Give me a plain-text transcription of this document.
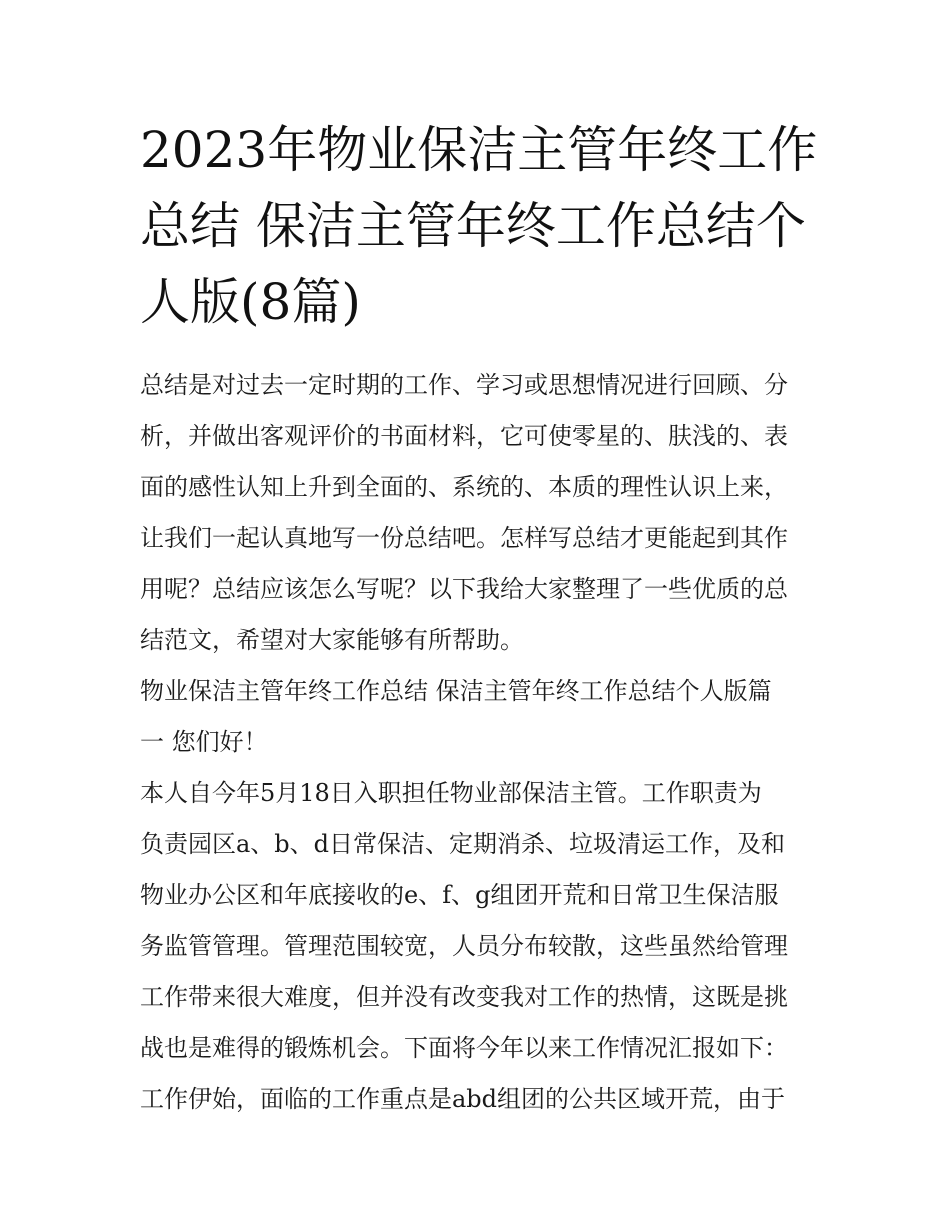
2023年物业保洁主管年终工作
总结 保洁主管年终工作总结个
人版(8篇)
总结是对过去一定时期的工作、学习或思想情况进行回顾、分
析，并做出客观评价的书面材料，它可使零星的、肤浅的、表
面的感性认知上升到全面的、系统的、本质的理性认识上来，
让我们一起认真地写一份总结吧。怎样写总结才更能起到其作
用呢？总结应该怎么写呢？以下我给大家整理了一些优质的总
结范文，希望对大家能够有所帮助。
物业保洁主管年终工作总结 保洁主管年终工作总结个人版篇
一 您们好！
本人自今年5月18日入职担任物业部保洁主管。工作职责为
负责园区a、b、d日常保洁、定期消杀、垃圾清运工作，及和
物业办公区和年底接收的e、f、g组团开荒和日常卫生保洁服
务监管管理。管理范围较宽，人员分布较散，这些虽然给管理
工作带来很大难度，但并没有改变我对工作的热情，这既是挑
战也是难得的锻炼机会。下面将今年以来工作情况汇报如下：
工作伊始，面临的工作重点是abd组团的公共区域开荒，由于
